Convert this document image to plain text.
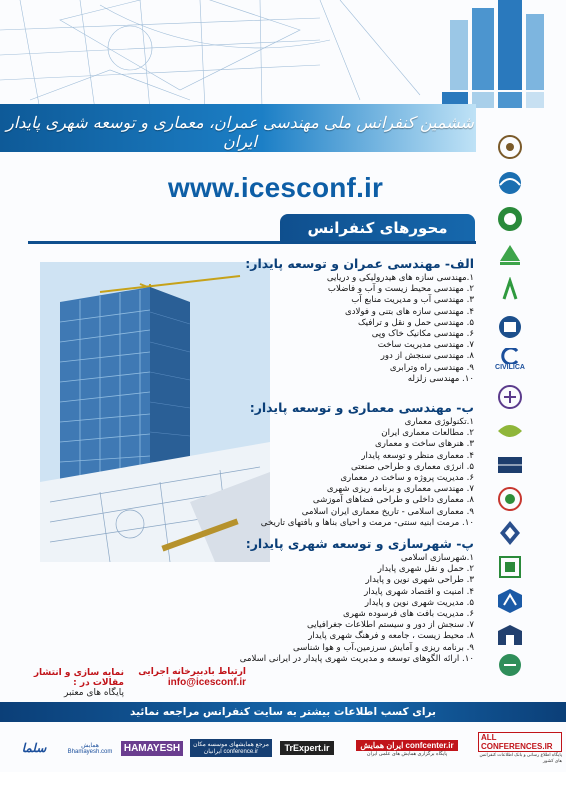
ششمین کنفرانس ملی مهندسی عمران، معماری و توسعه شهری پایدار ایران
www.icesconf.ir
محورهای کنفرانس
الف- مهندسی عمران و توسعه پایدار:
۱.مهندسی سازه های هیدرولیکی و دریایی
۲. مهندسی محیط زیست و آب و فاضلاب
۳. مهندسی آب و مدیریت منابع آب
۴. مهندسی سازه های بتنی و فولادی
۵. مهندسی حمل و نقل و ترافیک
۶. مهندسی مکانیک خاک وپی
۷. مهندسی مدیریت ساخت
۸. مهندسی سنجش از دور
۹. مهندسی راه وترابری
۱۰. مهندسی زلزله
ب- مهندسی معماری و توسعه پایدار:
۱.تکنولوژی معماری
۲. مطالعات معماری ایران
۳. هنرهای ساخت و معماری
۴. معماری منظر و توسعه پایدار
۵. انرژی معماری و طراحی صنعتی
۶. مدیریت پروژه و ساخت در معماری
۷. مهندسی معماری و برنامه ریزی شهری
۸. معماری داخلی و طراحی فضاهای آموزشی
۹. معماری اسلامی - تاریخ معماری ایران اسلامی
۱۰. مرمت ابنیه سنتی- مرمت و احیای بناها و بافتهای تاریخی
پ- شهرسازی و توسعه شهری پایدار:
۱.شهرسازی اسلامی
۲. حمل و نقل شهری پایدار
۳. طراحی شهری نوین و پایدار
۴. امنیت و اقتصاد شهری پایدار
۵. مدیریت شهری نوین و پایدار
۶. مدیریت بافت های فرسوده شهری
۷. سنجش از دور و سیستم اطلاعات جغرافیایی
۸. محیط زیست ، جامعه و فرهنگ شهری پایدار
۹. برنامه ریزی و آمایش سرزمین،آب و هوا شناسی
۱۰. ارائه الگوهای توسعه و مدیریت شهری پایدار در ایرانی اسلامی
CIVILICA
ارتباط بادبیرخانه اجرایی
info@icesconf.ir
نمایه سازی و انتشار مقالات در :
پایگاه های معتبر
برای کسب اطلاعات بیشتر به سایت کنفرانس مراجعه نمائید
ALL CONFERENCES.IR
پایگاه اطلاع رسانی و بانک اطلاعات کنفرانس های کشور
ایران همایش confcenter.ir
پایگاه برگزاری همایش های علمی ایران
TrExpert.ir
مرجع همایشهای موسسه مکان ایرانیان conference.ir
HAMAYESH
همایش Bhamayesh.com
سلما
